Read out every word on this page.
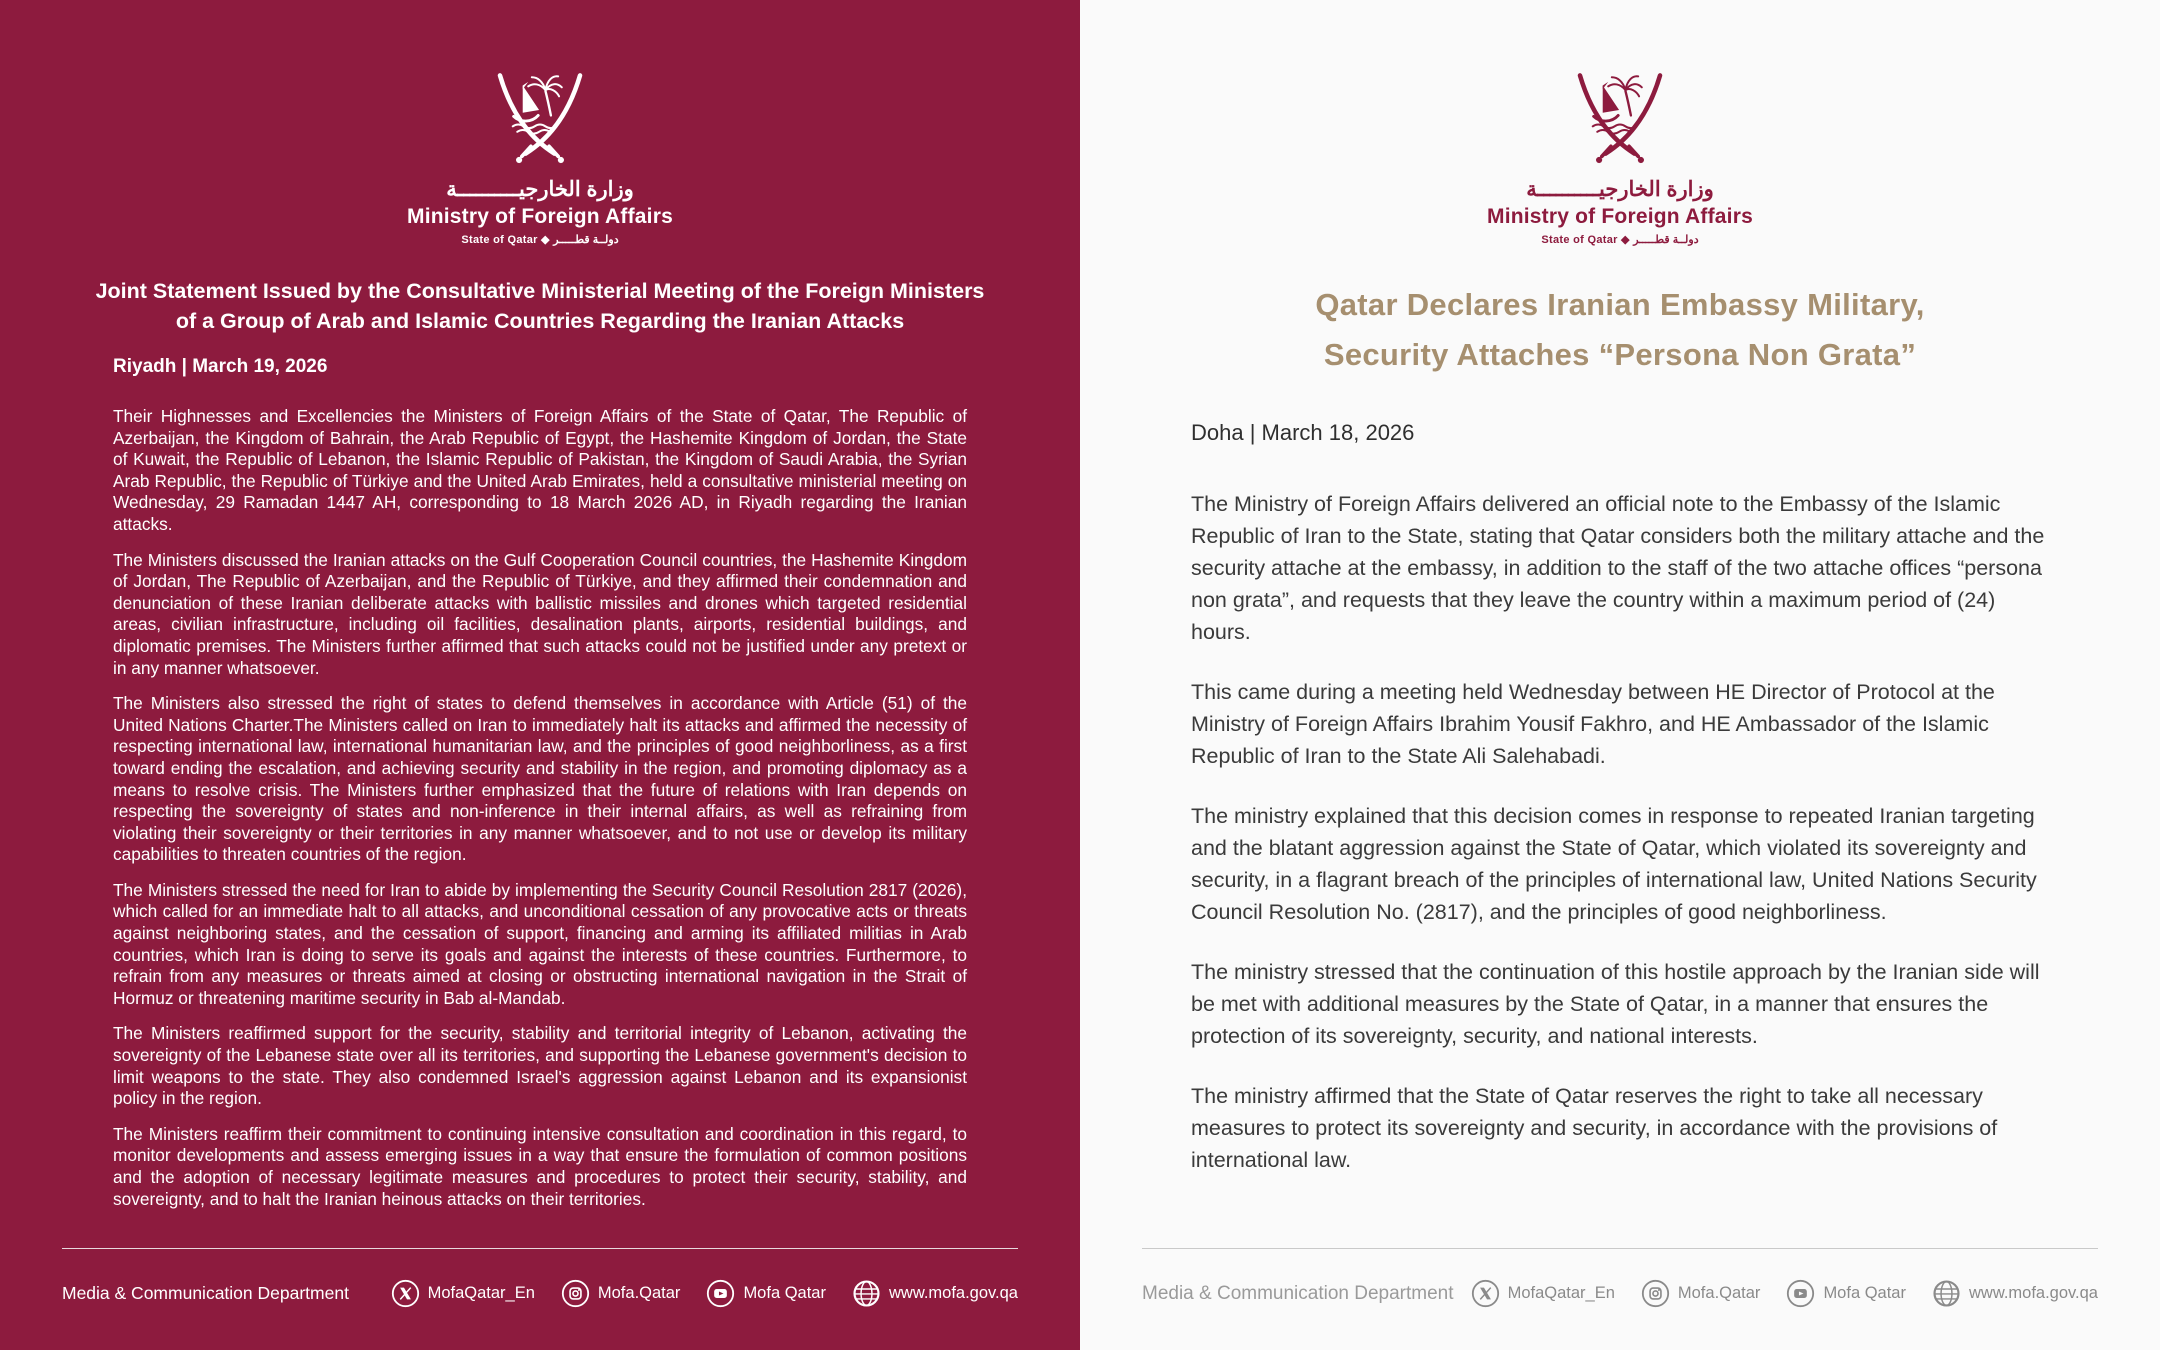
وزارة الخارجيــــــــــة
Ministry of Foreign Affairs
State of Qatar ◆ دولــة قطـــــر
Joint Statement Issued by the Consultative Ministerial Meeting of the Foreign Ministers
of a Group of Arab and Islamic Countries Regarding the Iranian Attacks
Riyadh | March 19, 2026

Their Highnesses and Excellencies the Ministers of Foreign Affairs of the State of Qatar, The Republic of Azerbaijan, the Kingdom of Bahrain, the Arab Republic of Egypt, the Hashemite Kingdom of Jordan, the State of Kuwait, the Republic of Lebanon, the Islamic Republic of Pakistan, the Kingdom of Saudi Arabia, the Syrian Arab Republic, the Republic of Türkiye and the United Arab Emirates, held a consultative ministerial meeting on Wednesday, 29 Ramadan 1447 AH, corresponding to 18 March 2026 AD, in Riyadh regarding the Iranian attacks.

The Ministers discussed the Iranian attacks on the Gulf Cooperation Council countries, the Hashemite Kingdom of Jordan, The Republic of Azerbaijan, and the Republic of Türkiye, and they affirmed their condemnation and denunciation of these Iranian deliberate attacks with ballistic missiles and drones which targeted residential areas, civilian infrastructure, including oil facilities, desalination plants, airports, residential buildings, and diplomatic premises. The Ministers further affirmed that such attacks could not be justified under any pretext or in any manner whatsoever.

The Ministers also stressed the right of states to defend themselves in accordance with Article (51) of the United Nations Charter.The Ministers called on Iran to immediately halt its attacks and affirmed the necessity of respecting international law, international humanitarian law, and the principles of good neighborliness, as a first toward ending the escalation, and achieving security and stability in the region, and promoting diplomacy as a means to resolve crisis. The Ministers further emphasized that the future of relations with Iran depends on respecting the sovereignty of states and non-inference in their internal affairs, as well as refraining from violating their sovereignty or their territories in any manner whatsoever, and to not use or develop its military capabilities to threaten countries of the region.

The Ministers stressed the need for Iran to abide by implementing the Security Council Resolution 2817 (2026), which called for an immediate halt to all attacks, and unconditional cessation of any provocative acts or threats against neighboring states, and the cessation of support, financing and arming its affiliated militias in Arab countries, which Iran is doing to serve its goals and against the interests of these countries. Furthermore, to refrain from any measures or threats aimed at closing or obstructing international navigation in the Strait of Hormuz or threatening maritime security in Bab al-Mandab.

The Ministers reaffirmed support for the security, stability and territorial integrity of Lebanon, activating the sovereignty of the Lebanese state over all its territories, and supporting the Lebanese government's decision to limit weapons to the state. They also condemned Israel's aggression against Lebanon and its expansionist policy in the region.

The Ministers reaffirm their commitment to continuing intensive consultation and coordination in this regard, to monitor developments and assess emerging issues in a way that ensure the formulation of common positions and the adoption of necessary legitimate measures and procedures to protect their security, stability, and sovereignty, and to halt the Iranian heinous attacks on their territories.

Media & Communication Department	MofaQatar_En	Mofa.Qatar	Mofa Qatar	www.mofa.gov.qa
وزارة الخارجيــــــــــة
Ministry of Foreign Affairs
State of Qatar ◆ دولــة قطـــــر
Qatar Declares Iranian Embassy Military,
Security Attaches “Persona Non Grata”
Doha | March 18, 2026

The Ministry of Foreign Affairs delivered an official note to the Embassy of the Islamic Republic of Iran to the State, stating that Qatar considers both the military attache and the security attache at the embassy, in addition to the staff of the two attache offices “persona non grata”, and requests that they leave the country within a maximum period of (24) hours.

This came during a meeting held Wednesday between HE Director of Protocol at the Ministry of Foreign Affairs Ibrahim Yousif Fakhro, and HE Ambassador of the Islamic Republic of Iran to the State Ali Salehabadi.

The ministry explained that this decision comes in response to repeated Iranian targeting and the blatant aggression against the State of Qatar, which violated its sovereignty and security, in a flagrant breach of the principles of international law, United Nations Security Council Resolution No. (2817), and the principles of good neighborliness.

The ministry stressed that the continuation of this hostile approach by the Iranian side will be met with additional measures by the State of Qatar, in a manner that ensures the protection of its sovereignty, security, and national interests.

The ministry affirmed that the State of Qatar reserves the right to take all necessary measures to protect its sovereignty and security, in accordance with the provisions of international law.

Media & Communication Department	MofaQatar_En	Mofa.Qatar	Mofa Qatar	www.mofa.gov.qa
